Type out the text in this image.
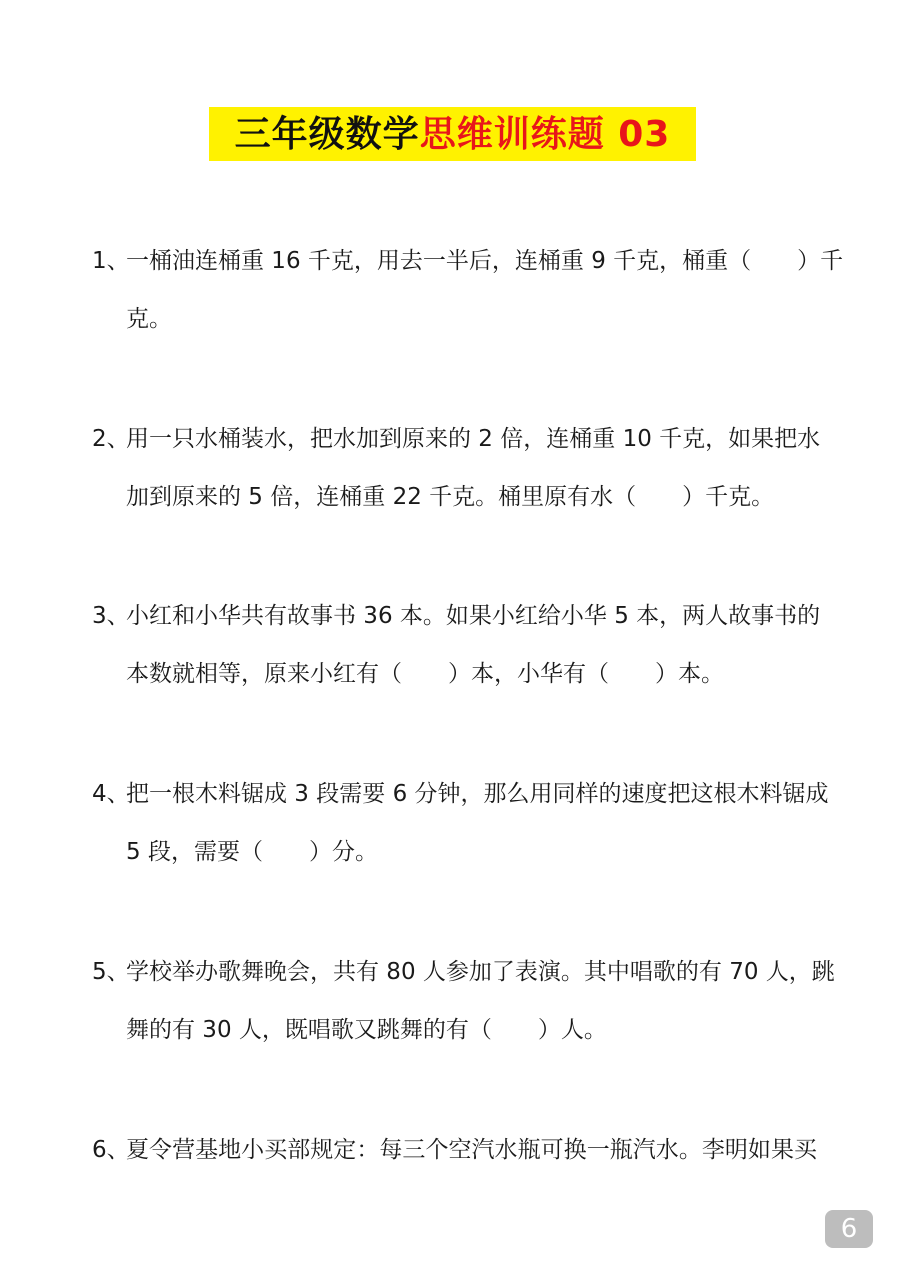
三年级数学思维训练题 03
1、
一桶油连桶重 16 千克，用去一半后，连桶重 9 千克，桶重（　　）千
克。
2、
用一只水桶装水，把水加到原来的 2 倍，连桶重 10 千克，如果把水
加到原来的 5 倍，连桶重 22 千克。桶里原有水（　　）千克。
3、
小红和小华共有故事书 36 本。如果小红给小华 5 本，两人故事书的
本数就相等，原来小红有（　　）本，小华有（　　）本。
4、
把一根木料锯成 3 段需要 6 分钟，那么用同样的速度把这根木料锯成
5 段，需要（　　）分。
5、
学校举办歌舞晚会，共有 80 人参加了表演。其中唱歌的有 70 人，跳
舞的有 30 人，既唱歌又跳舞的有（　　）人。
6、
夏令营基地小买部规定：每三个空汽水瓶可换一瓶汽水。李明如果买
6
